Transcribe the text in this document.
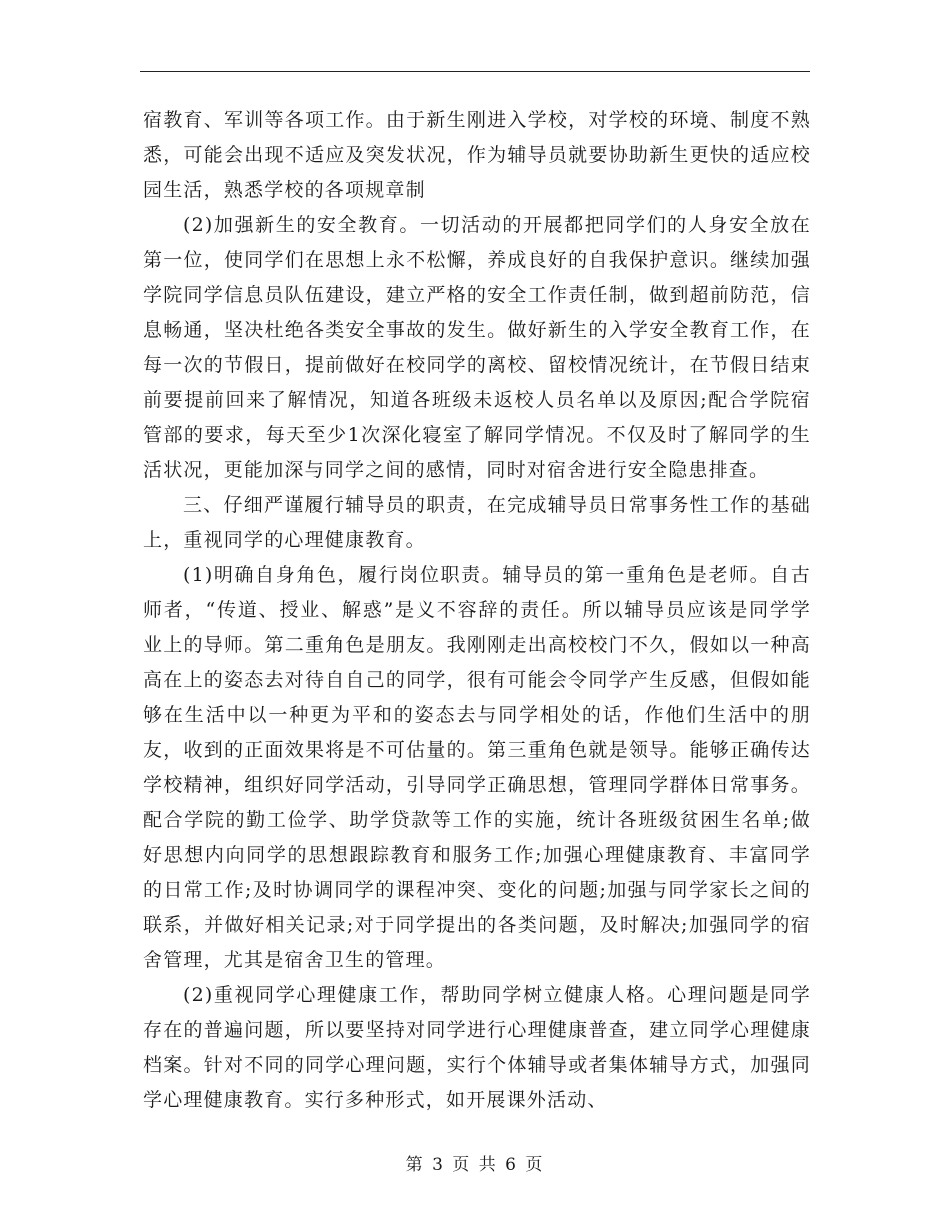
宿教育、军训等各项工作。由于新生刚进入学校，对学校的环境、制度不熟悉，可能会出现不适应及突发状况，作为辅导员就要协助新生更快的适应校园生活，熟悉学校的各项规章制

(2)加强新生的安全教育。一切活动的开展都把同学们的人身安全放在第一位，使同学们在思想上永不松懈，养成良好的自我保护意识。继续加强学院同学信息员队伍建设，建立严格的安全工作责任制，做到超前防范，信息畅通，坚决杜绝各类安全事故的发生。做好新生的入学安全教育工作，在每一次的节假日，提前做好在校同学的离校、留校情况统计，在节假日结束前要提前回来了解情况，知道各班级未返校人员名单以及原因;配合学院宿管部的要求，每天至少1次深化寝室了解同学情况。不仅及时了解同学的生活状况，更能加深与同学之间的感情，同时对宿舍进行安全隐患排查。

三、仔细严谨履行辅导员的职责，在完成辅导员日常事务性工作的基础上，重视同学的心理健康教育。

(1)明确自身角色，履行岗位职责。辅导员的第一重角色是老师。自古师者，“传道、授业、解惑”是义不容辞的责任。所以辅导员应该是同学学业上的导师。第二重角色是朋友。我刚刚走出高校校门不久，假如以一种高高在上的姿态去对待自自己的同学，很有可能会令同学产生反感，但假如能够在生活中以一种更为平和的姿态去与同学相处的话，作他们生活中的朋友，收到的正面效果将是不可估量的。第三重角色就是领导。能够正确传达学校精神，组织好同学活动，引导同学正确思想，管理同学群体日常事务。配合学院的勤工俭学、助学贷款等工作的实施，统计各班级贫困生名单;做好思想内向同学的思想跟踪教育和服务工作;加强心理健康教育、丰富同学的日常工作;及时协调同学的课程冲突、变化的问题;加强与同学家长之间的联系，并做好相关记录;对于同学提出的各类问题，及时解决;加强同学的宿舍管理，尤其是宿舍卫生的管理。

(2)重视同学心理健康工作，帮助同学树立健康人格。心理问题是同学存在的普遍问题，所以要坚持对同学进行心理健康普查，建立同学心理健康档案。针对不同的同学心理问题，实行个体辅导或者集体辅导方式，加强同学心理健康教育。实行多种形式，如开展课外活动、

第 3 页 共 6 页
